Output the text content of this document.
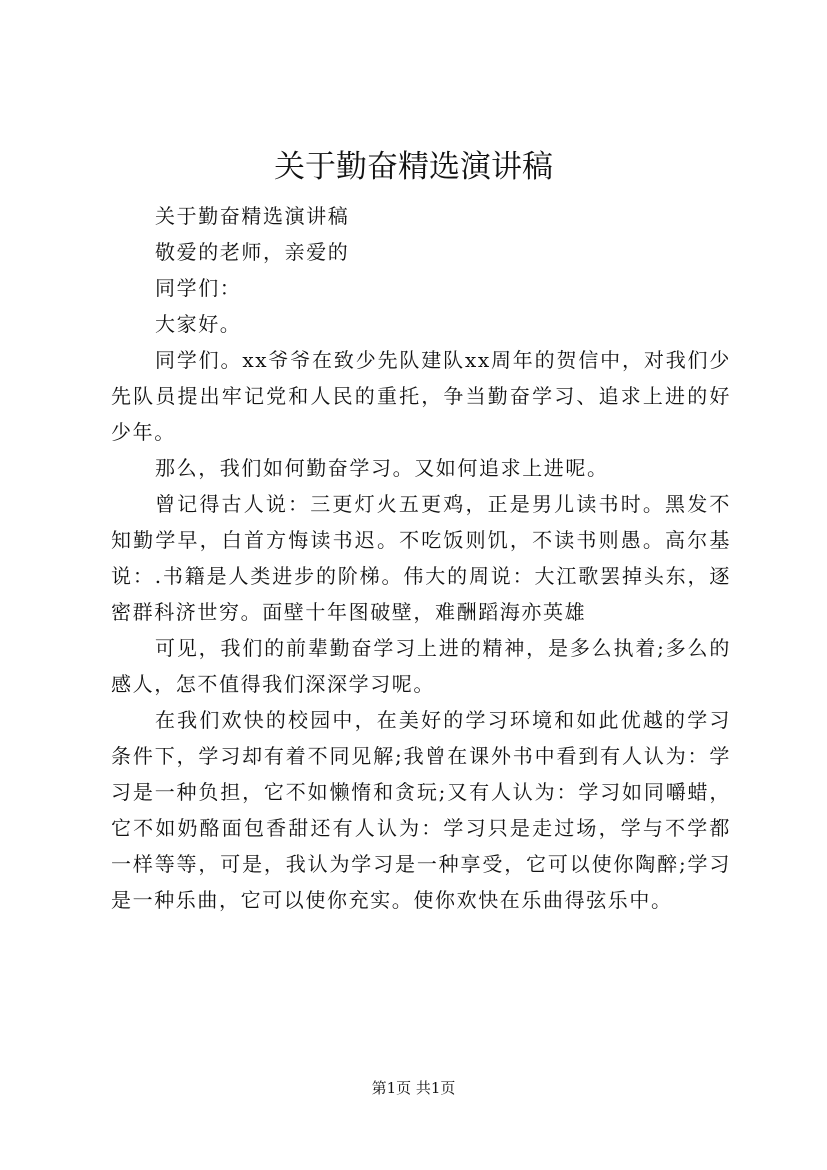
关于勤奋精选演讲稿

关于勤奋精选演讲稿

敬爱的老师，亲爱的

同学们：

大家好。

同学们。xx爷爷在致少先队建队xx周年的贺信中，对我们少先队员提出牢记党和人民的重托，争当勤奋学习、追求上进的好少年。

那么，我们如何勤奋学习。又如何追求上进呢。

曾记得古人说：三更灯火五更鸡，正是男儿读书时。黑发不知勤学早，白首方悔读书迟。不吃饭则饥，不读书则愚。高尔基说：.书籍是人类进步的阶梯。伟大的周说：大江歌罢掉头东，逐密群科济世穷。面壁十年图破壁，难酬蹈海亦英雄

可见，我们的前辈勤奋学习上进的精神，是多么执着;多么的感人，怎不值得我们深深学习呢。

在我们欢快的校园中，在美好的学习环境和如此优越的学习条件下，学习却有着不同见解;我曾在课外书中看到有人认为：学习是一种负担，它不如懒惰和贪玩;又有人认为：学习如同嚼蜡，它不如奶酪面包香甜还有人认为：学习只是走过场，学与不学都一样等等，可是，我认为学习是一种享受，它可以使你陶醉;学习是一种乐曲，它可以使你充实。使你欢快在乐曲得弦乐中。

第1页 共1页
